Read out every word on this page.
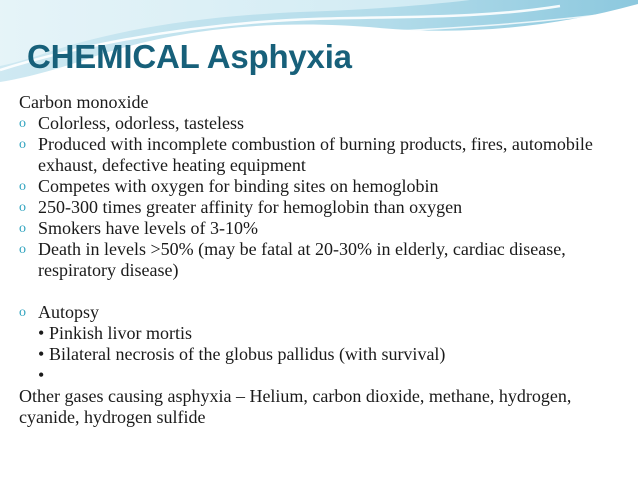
CHEMICAL Asphyxia

Carbon monoxide

o Colorless, odorless, tasteless
o Produced with incomplete combustion of burning products, fires, automobile exhaust, defective heating equipment
o Competes with oxygen for binding sites on hemoglobin
o 250-300 times greater affinity for hemoglobin than oxygen
o Smokers have levels of 3-10%
o Death in levels >50% (may be fatal at 20-30% in elderly, cardiac disease, respiratory disease)
o Autopsy
• Pinkish livor mortis
• Bilateral necrosis of the globus pallidus (with survival)
•

Other gases causing asphyxia – Helium, carbon dioxide, methane, hydrogen, cyanide, hydrogen sulfide
